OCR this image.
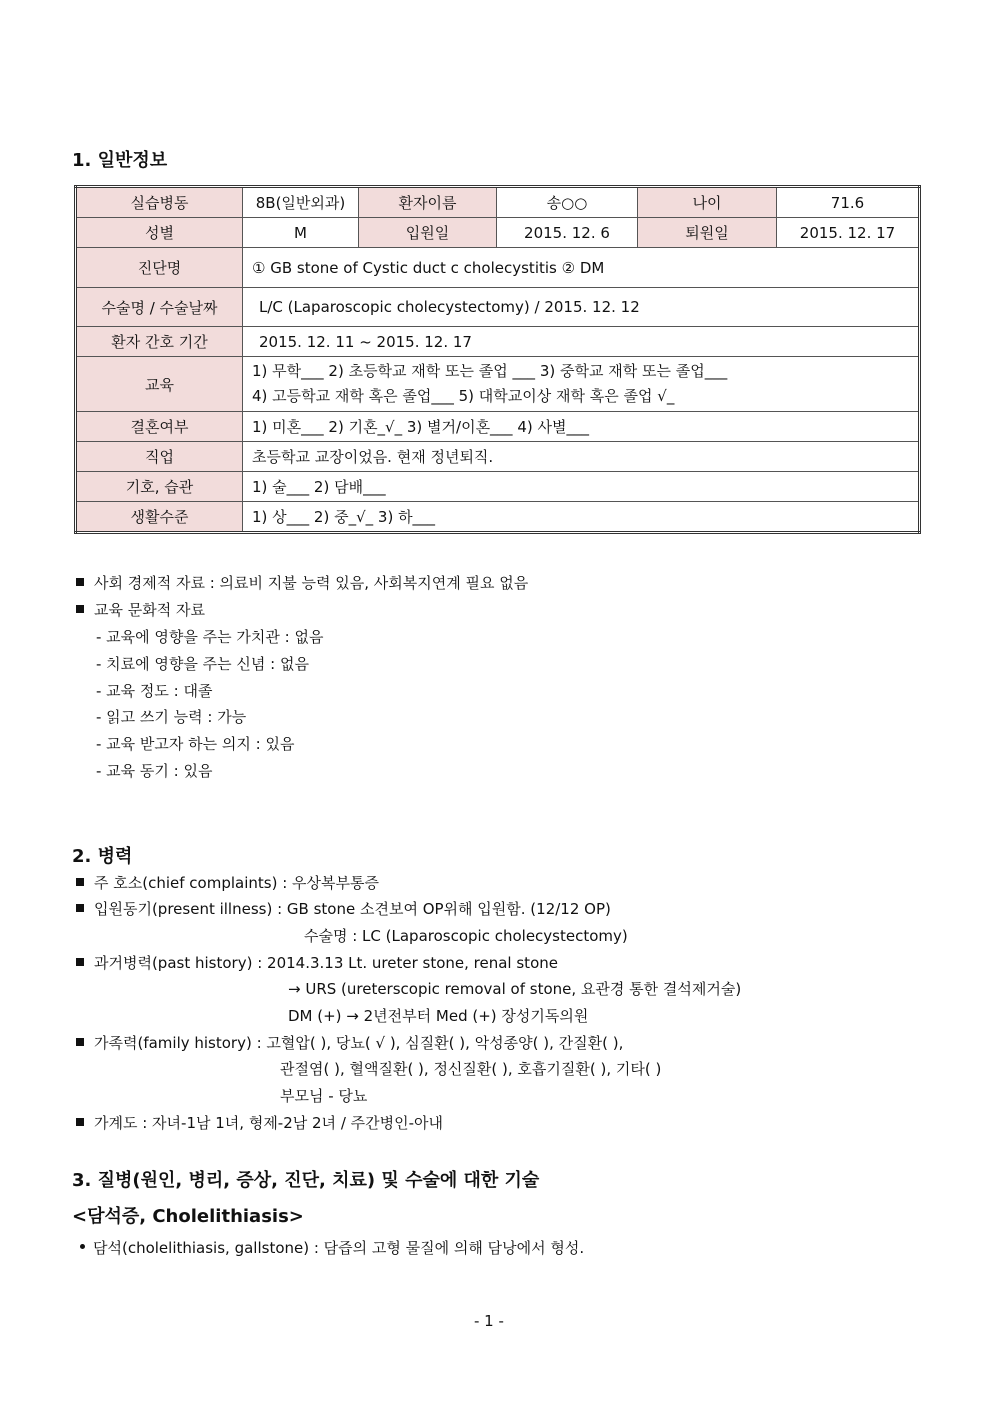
1. 일반정보
실습병동	8B(일반외과)	환자이름	송○○	나이	71.6
성별	M	입원일	2015. 12. 6	퇴원일	2015. 12. 17
진단명	① GB stone of Cystic duct c cholecystitis ② DM				
수술명 / 수술날짜	L/C (Laparoscopic cholecystectomy) / 2015. 12. 12				
환자 간호 기간	2015. 12. 11 ~ 2015. 12. 17				
교육	1) 무학___ 2) 초등학교 재학 또는 졸업 ___ 3) 중학교 재학 또는 졸업___
4) 고등학교 재학 혹은 졸업___ 5) 대학교이상 재학 혹은 졸업 √_				

결혼여부	1) 미혼___ 2) 기혼_√_ 3) 별거/이혼___ 4) 사별___				
직업	초등학교 교장이었음. 현재 정년퇴직.				
기호, 습관	1) 술___ 2) 담배___				
생활수준	1) 상___ 2) 중_√_ 3) 하___				
사회 경제적 자료 : 의료비 지불 능력 있음, 사회복지연계 필요 없음
교육 문화적 자료
- 교육에 영향을 주는 가치관 : 없음
- 치료에 영향을 주는 신념 : 없음
- 교육 정도 : 대졸
- 읽고 쓰기 능력 : 가능
- 교육 받고자 하는 의지 : 있음
- 교육 동기 : 있음
2. 병력
주 호소(chief complaints) : 우상복부통증
입원동기(present illness) : GB stone 소견보여 OP위해 입원함. (12/12 OP)
수술명 : LC (Laparoscopic cholecystectomy)
과거병력(past history) : 2014.3.13 Lt. ureter stone, renal stone
→ URS (ureterscopic removal of stone, 요관경 통한 결석제거술)
DM (+) → 2년전부터 Med (+) 장성기독의원
가족력(family history) : 고혈압( ), 당뇨( √ ), 심질환( ), 악성종양( ), 간질환( ),
관절염( ), 혈액질환( ), 정신질환( ), 호흡기질환( ), 기타( )
부모님 - 당뇨
가계도 : 자녀-1남 1녀, 형제-2남 2녀 / 주간병인-아내
3. 질병(원인, 병리, 증상, 진단, 치료) 및 수술에 대한 기술
<담석증, Cholelithiasis>
담석(cholelithiasis, gallstone) : 담즙의 고형 물질에 의해 담낭에서 형성.
- 1 -
